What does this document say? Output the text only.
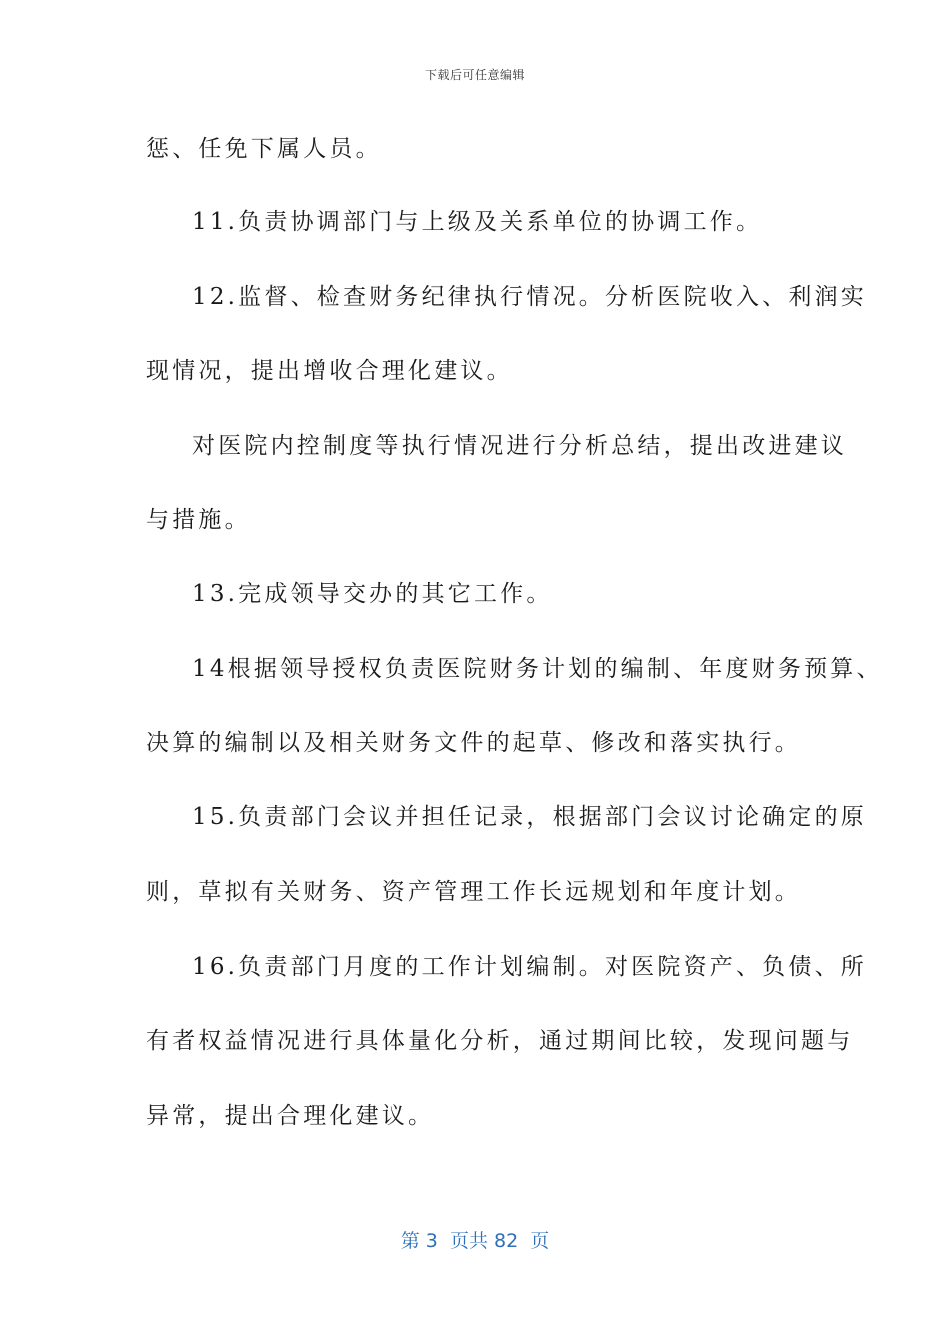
下载后可任意编辑
惩、任免下属人员。
11.负责协调部门与上级及关系单位的协调工作。
12.监督、检查财务纪律执行情况。分析医院收入、利润实
现情况，提出增收合理化建议。
对医院内控制度等执行情况进行分析总结，提出改进建议
与措施。
13.完成领导交办的其它工作。
14根据领导授权负责医院财务计划的编制、年度财务预算、
决算的编制以及相关财务文件的起草、修改和落实执行。
15.负责部门会议并担任记录，根据部门会议讨论确定的原
则，草拟有关财务、资产管理工作长远规划和年度计划。
16.负责部门月度的工作计划编制。对医院资产、负债、所
有者权益情况进行具体量化分析，通过期间比较，发现问题与
异常，提出合理化建议。
第 3  页共 82  页
